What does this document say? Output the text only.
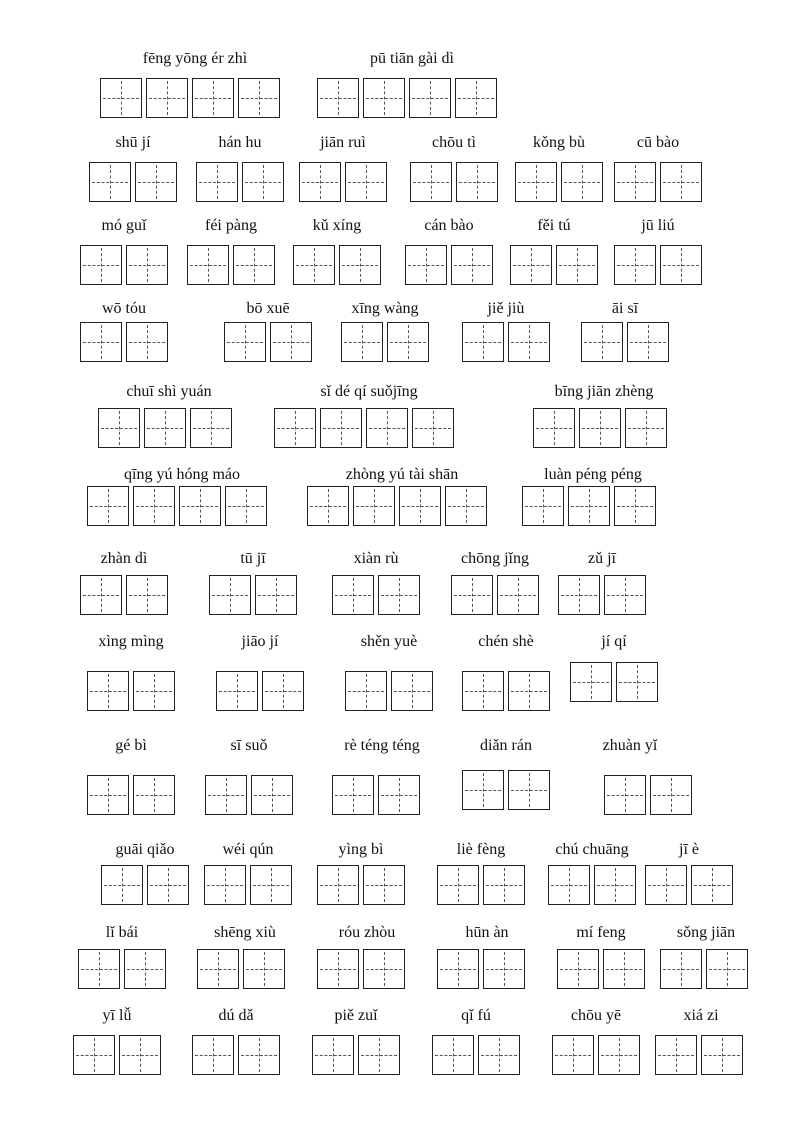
fēng yōng ér zhì	pū tiān gài dì
shū jí	hán hu	jiān ruì	chōu tì	kǒng bù	cū bào
mó guǐ	féi pàng	kǔ xíng	cán bào	fěi tú	jū liú
wō tóu	bō xuē	xīng wàng	jiě jiù	āi sī
chuī shì yuán	sǐ dé qí suǒjīng	bīng jiān zhèng
qīng yú hóng máo	zhòng yú tài shān	luàn péng péng
zhàn dì	tū jī	xiàn rù	chōng jǐng	zǔ jī
xìng mìng	jiāo jí	shěn yuè	chén shè	jí qí
gé bì	sī suǒ	rè téng téng	diǎn rán	zhuàn yǐ
guāi qiǎo	wéi qún	yìng bì	liè fèng	chú chuāng	jī è
lǐ bái	shēng xiù	róu zhòu	hūn àn	mí feng	sǒng jiān
yī lǚ	dú dǎ	piě zuǐ	qǐ fú	chōu yē	xiá zi
